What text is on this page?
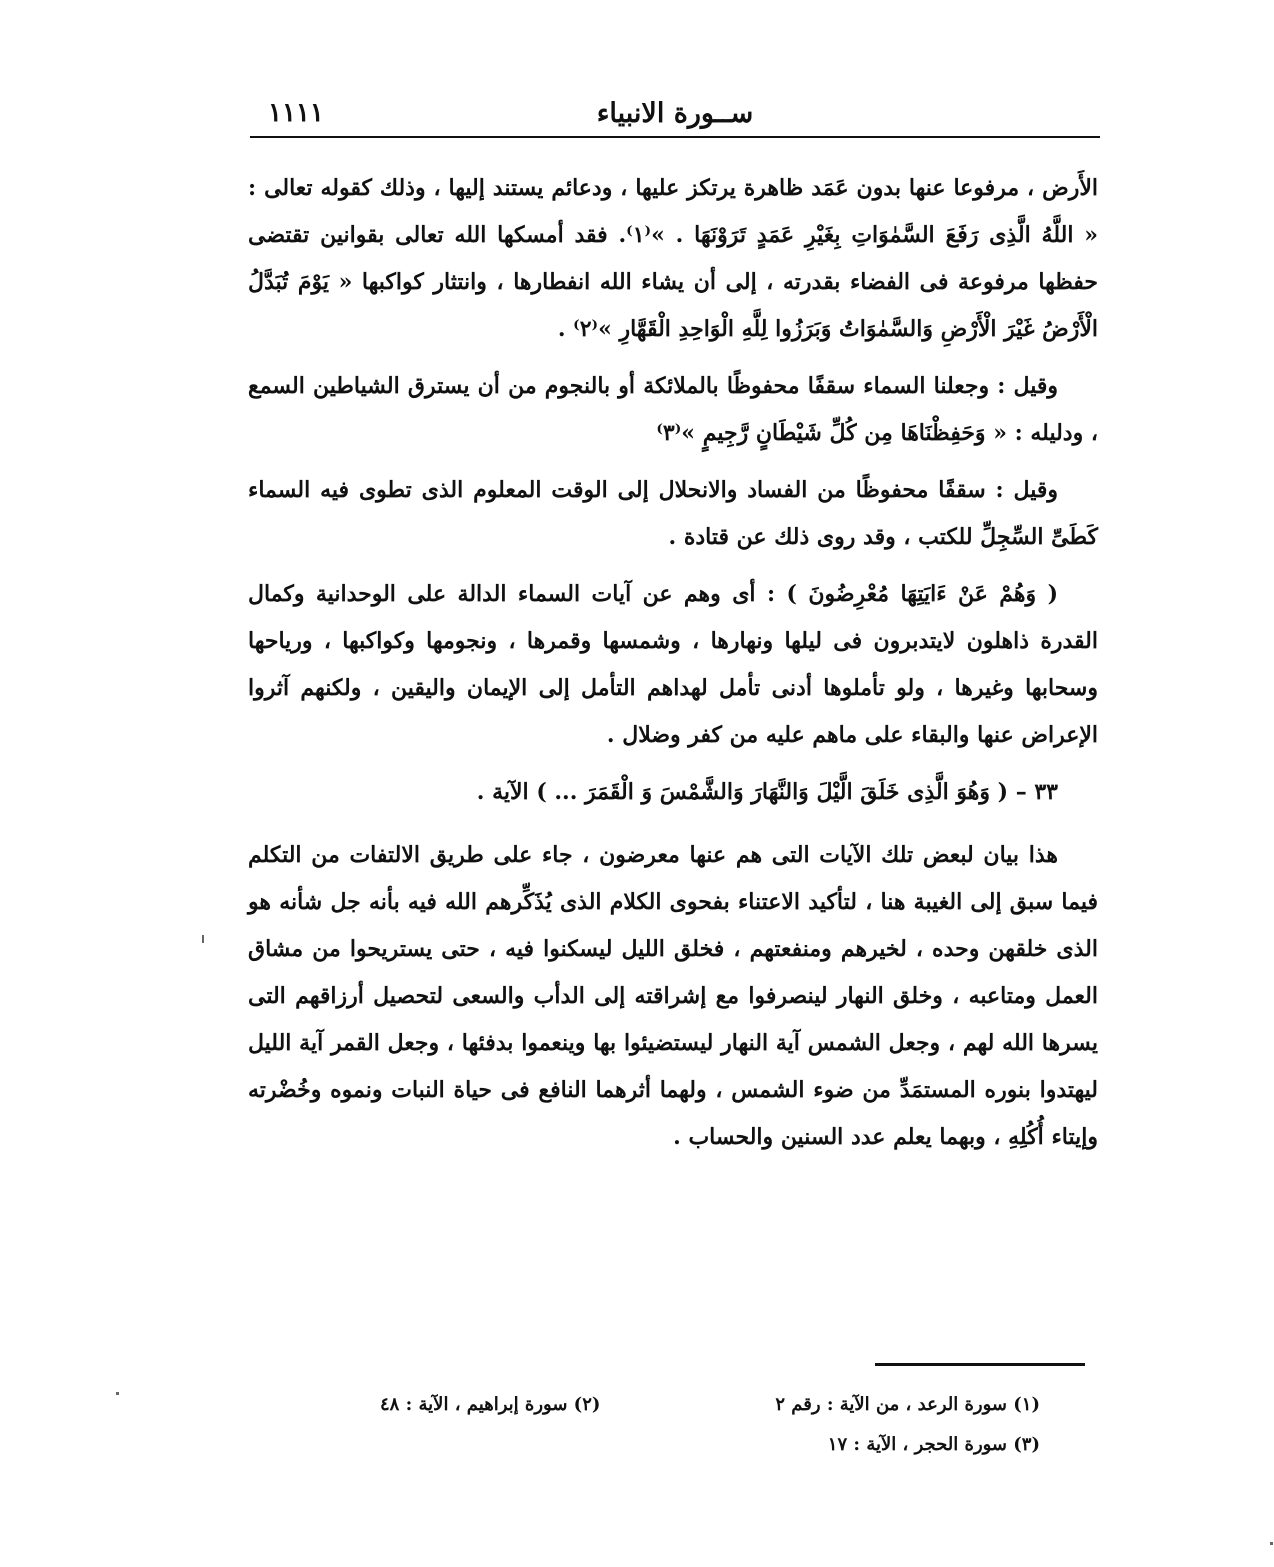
ســورة الانبياء
١١١١

الأَرض ، مرفوعا عنها بدون عَمَد ظاهرة يرتكز عليها ، ودعائم يستند إليها ، وذلك كقوله تعالى : « اللَّهُ الَّذِى رَفَعَ السَّمٰوَاتِ بِغَيْرِ عَمَدٍ تَرَوْنَهَا . »⁽١⁾. فقد أمسكها الله تعالى بقوانين تقتضى حفظها مرفوعة فى الفضاء بقدرته ، إلى أن يشاء الله انفطارها ، وانتثار كواكبها « يَوْمَ تُبَدَّلُ الْأَرْضُ غَيْرَ الْأَرْضِ وَالسَّمٰوَاتُ وَبَرَزُوا لِلَّهِ الْوَاحِدِ الْقَهَّارِ »⁽٢⁾ .

وقيل : وجعلنا السماء سقفًا محفوظًا بالملائكة أو بالنجوم من أن يسترق الشياطين السمع ، ودليله : « وَحَفِظْنَاهَا مِن كُلِّ شَيْطَانٍ رَّجِيمٍ »⁽٣⁾

وقيل : سقفًا محفوظًا من الفساد والانحلال إلى الوقت المعلوم الذى تطوى فيه السماء كَطَىِّ السِّجِلِّ للكتب ، وقد روى ذلك عن قتادة .

( وَهُمْ عَنْ ءَايَتِهَا مُعْرِضُونَ ) : أى وهم عن آيات السماء الدالة على الوحدانية وكمال القدرة ذاهلون لايتدبرون فى ليلها ونهارها ، وشمسها وقمرها ، ونجومها وكواكبها ، ورياحها وسحابها وغيرها ، ولو تأملوها أدنى تأمل لهداهم التأمل إلى الإيمان واليقين ، ولكنهم آثروا الإعراض عنها والبقاء على ماهم عليه من كفر وضلال .

٣٣ – ( وَهُوَ الَّذِى خَلَقَ الَّيْلَ وَالنَّهَارَ وَالشَّمْسَ وَ الْقَمَرَ ... ) الآية .

هذا بيان لبعض تلك الآيات التى هم عنها معرضون ، جاء على طريق الالتفات من التكلم فيما سبق إلى الغيبة هنا ، لتأكيد الاعتناء بفحوى الكلام الذى يُذَكِّرهم الله فيه بأنه جل شأنه هو الذى خلقهن وحده ، لخيرهم ومنفعتهم ، فخلق الليل ليسكنوا فيه ، حتى يستريحوا من مشاق العمل ومتاعبه ، وخلق النهار لينصرفوا مع إشراقته إلى الدأب والسعى لتحصيل أرزاقهم التى يسرها الله لهم ، وجعل الشمس آية النهار ليستضيئوا بها وينعموا بدفئها ، وجعل القمر آية الليل ليهتدوا بنوره المستمَدِّ من ضوء الشمس ، ولهما أثرهما النافع فى حياة النبات ونموه وخُضْرته وإيتاء أُكُلِهِ ، وبهما يعلم عدد السنين والحساب .

(١) سورة الرعد ، من الآية : رقم ٢
(٢) سورة إبراهيم ، الآية : ٤٨
(٣) سورة الحجر ، الآية : ١٧
